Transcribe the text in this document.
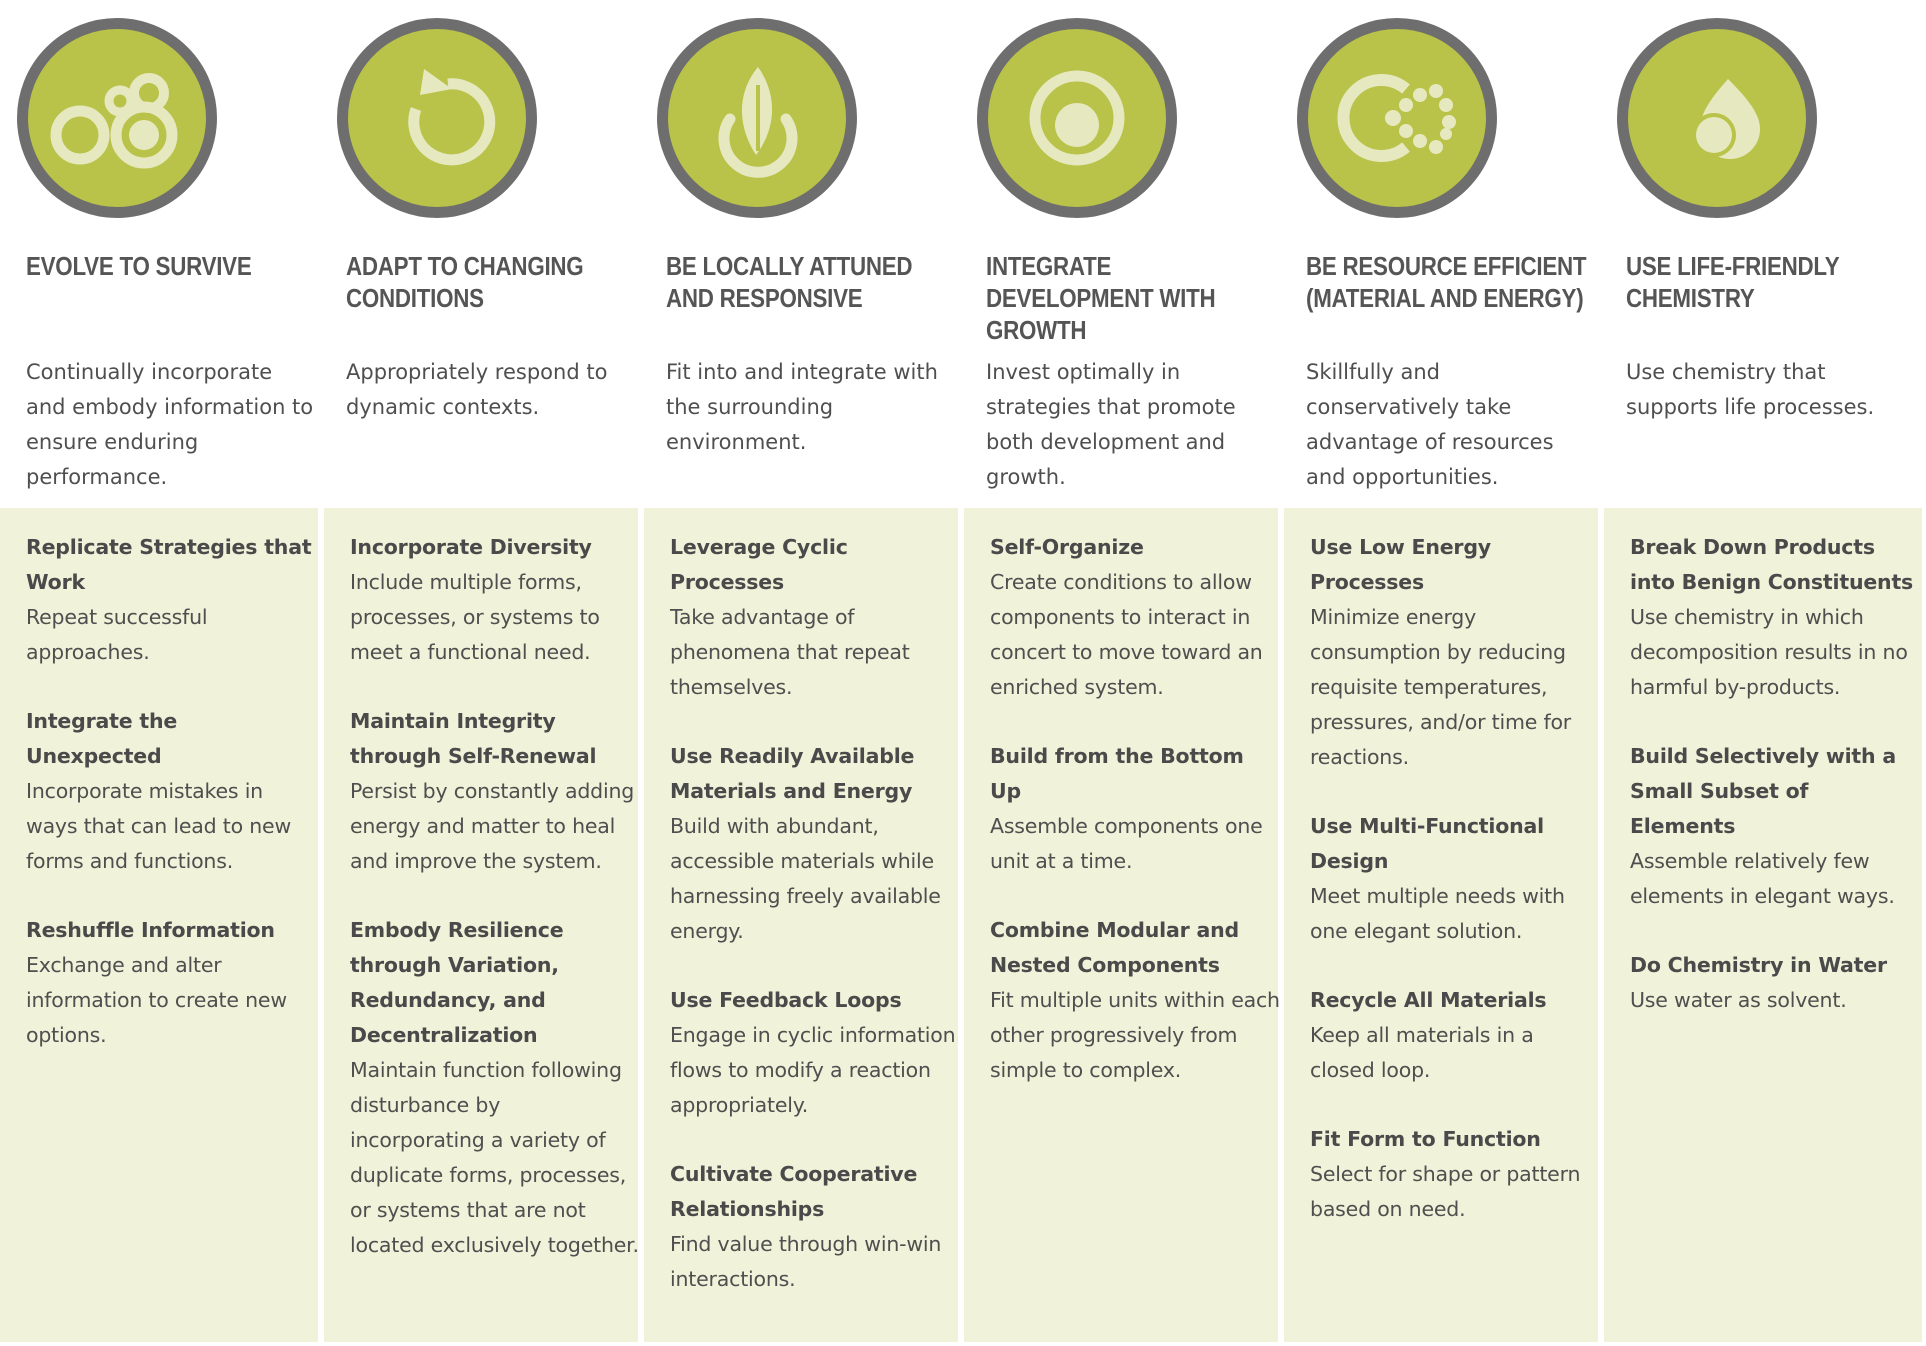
EVOLVE TO SURVIVE

Continually incorporate and embody information to ensure enduring performance.

ADAPT TO CHANGING CONDITIONS

Appropriately respond to dynamic contexts.

BE LOCALLY ATTUNED AND RESPONSIVE

Fit into and integrate with the surrounding environment.

INTEGRATE DEVELOPMENT WITH GROWTH

Invest optimally in strategies that promote both development and growth.

BE RESOURCE EFFICIENT (MATERIAL AND ENERGY)

Skillfully and conservatively take advantage of resources and opportunities.

USE LIFE-FRIENDLY CHEMISTRY

Use chemistry that supports life processes.

Replicate Strategies that Work
Repeat successful approaches.
Integrate the Unexpected
Incorporate mistakes in ways that can lead to new forms and functions.
Reshuffle Information
Exchange and alter information to create new options.
Incorporate Diversity
Include multiple forms, processes, or systems to meet a functional need.
Maintain Integrity through Self-Renewal
Persist by constantly adding energy and matter to heal and improve the system.
Embody Resilience through Variation, Redundancy, and Decentralization
Maintain function following disturbance by incorporating a variety of duplicate forms, processes, or systems that are not located exclusively together.
Leverage Cyclic Processes
Take advantage of phenomena that repeat themselves.
Use Readily Available Materials and Energy
Build with abundant, accessible materials while harnessing freely available energy.
Use Feedback Loops
Engage in cyclic information flows to modify a reaction appropriately.
Cultivate Cooperative Relationships
Find value through win-win interactions.
Self-Organize
Create conditions to allow components to interact in concert to move toward an enriched system.
Build from the Bottom Up
Assemble components one unit at a time.
Combine Modular and Nested Components
Fit multiple units within each other progressively from simple to complex.
Use Low Energy Processes
Minimize energy consumption by reducing requisite temperatures, pressures, and/or time for reactions.
Use Multi-Functional Design
Meet multiple needs with one elegant solution.
Recycle All Materials
Keep all materials in a closed loop.
Fit Form to Function
Select for shape or pattern based on need.
Break Down Products into Benign Constituents
Use chemistry in which decomposition results in no harmful by-products.
Build Selectively with a Small Subset of Elements
Assemble relatively few elements in elegant ways.
Do Chemistry in Water
Use water as solvent.
